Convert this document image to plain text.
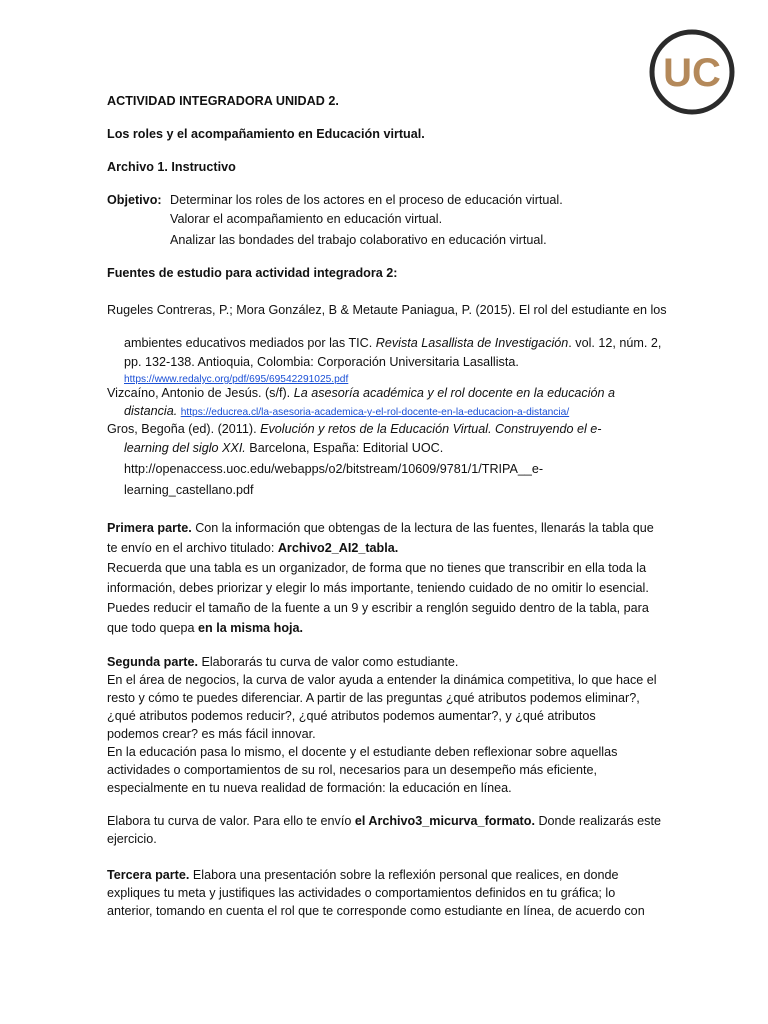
UC
ACTIVIDAD INTEGRADORA UNIDAD 2.
Los roles y el acompañamiento en Educación virtual.
Archivo 1. Instructivo
Objetivo: Determinar los roles de los actores en el proceso de educación virtual.
Valorar el acompañamiento en educación virtual.
Analizar las bondades del trabajo colaborativo en educación virtual.
Fuentes de estudio para actividad integradora 2:
Rugeles Contreras, P.; Mora González, B & Metaute Paniagua, P. (2015). El rol del estudiante en los
ambientes educativos mediados por las TIC. Revista Lasallista de Investigación. vol. 12, núm. 2,
pp. 132-138. Antioquia, Colombia: Corporación Universitaria Lasallista.
https://www.redalyc.org/pdf/695/69542291025.pdf
Vizcaíno, Antonio de Jesús. (s/f). La asesoría académica y el rol docente en la educación a
distancia. https://educrea.cl/la-asesoria-academica-y-el-rol-docente-en-la-educacion-a-distancia/
Gros, Begoña (ed). (2011). Evolución y retos de la Educación Virtual. Construyendo el e-
learning del siglo XXI. Barcelona, España: Editorial UOC.
http://openaccess.uoc.edu/webapps/o2/bitstream/10609/9781/1/TRIPA__e-
learning_castellano.pdf
Primera parte. Con la información que obtengas de la lectura de las fuentes, llenarás la tabla que
te envío en el archivo titulado: Archivo2_AI2_tabla.
Recuerda que una tabla es un organizador, de forma que no tienes que transcribir en ella toda la
información, debes priorizar y elegir lo más importante, teniendo cuidado de no omitir lo esencial.
Puedes reducir el tamaño de la fuente a un 9 y escribir a renglón seguido dentro de la tabla, para
que todo quepa en la misma hoja.
Segunda parte. Elaborarás tu curva de valor como estudiante.
En el área de negocios, la curva de valor ayuda a entender la dinámica competitiva, lo que hace el
resto y cómo te puedes diferenciar. A partir de las preguntas ¿qué atributos podemos eliminar?,
¿qué atributos podemos reducir?, ¿qué atributos podemos aumentar?, y ¿qué atributos
podemos crear? es más fácil innovar.
En la educación pasa lo mismo, el docente y el estudiante deben reflexionar sobre aquellas
actividades o comportamientos de su rol, necesarios para un desempeño más eficiente,
especialmente en tu nueva realidad de formación: la educación en línea.
Elabora tu curva de valor. Para ello te envío el Archivo3_micurva_formato. Donde realizarás este
ejercicio.
Tercera parte. Elabora una presentación sobre la reflexión personal que realices, en donde
expliques tu meta y justifiques las actividades o comportamientos definidos en tu gráfica; lo
anterior, tomando en cuenta el rol que te corresponde como estudiante en línea, de acuerdo con
